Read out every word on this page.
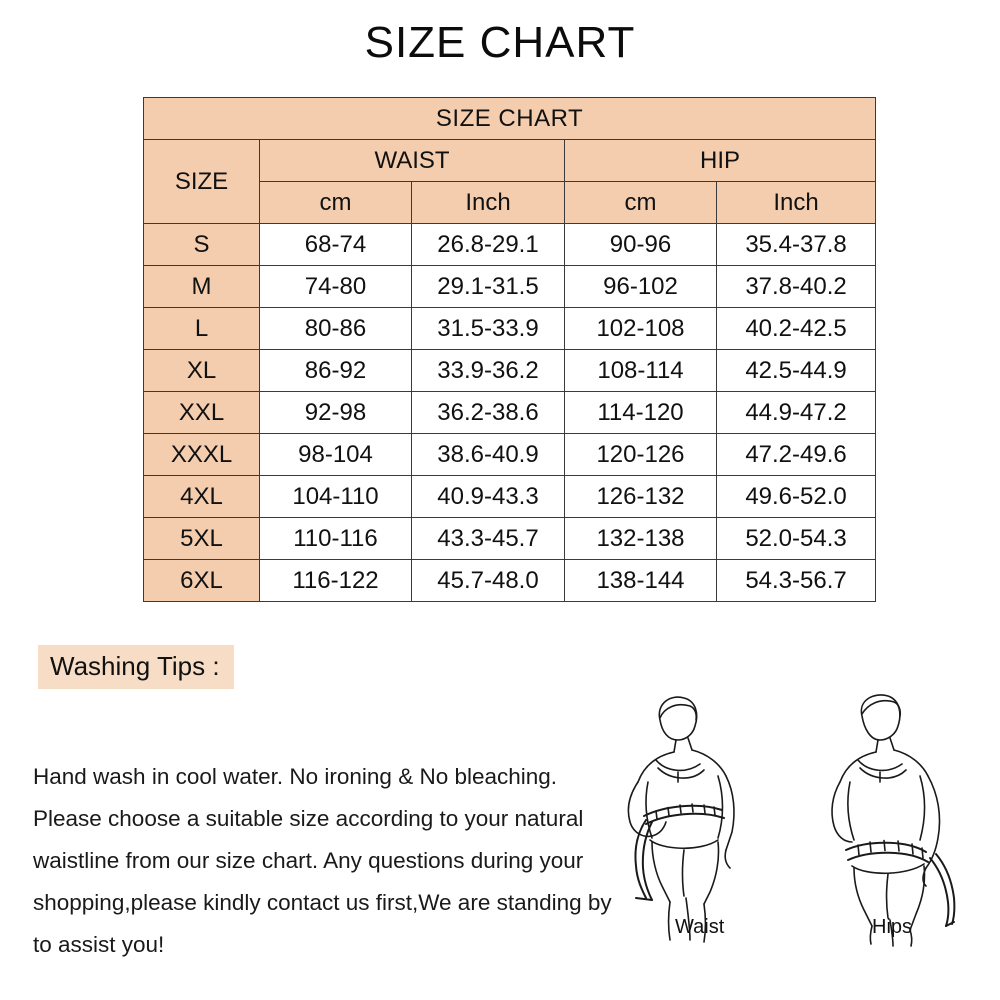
SIZE CHART
SIZE CHART				
SIZE	WAIST		HIP	
	cm	Inch	cm	Inch
S	68-74	26.8-29.1	90-96	35.4-37.8
M	74-80	29.1-31.5	96-102	37.8-40.2
L	80-86	31.5-33.9	102-108	40.2-42.5
XL	86-92	33.9-36.2	108-114	42.5-44.9
XXL	92-98	36.2-38.6	114-120	44.9-47.2
XXXL	98-104	38.6-40.9	120-126	47.2-49.6
4XL	104-110	40.9-43.3	126-132	49.6-52.0
5XL	110-116	43.3-45.7	132-138	52.0-54.3
6XL	116-122	45.7-48.0	138-144	54.3-56.7
Washing Tips :
Hand wash in cool water. No ironing & No bleaching. Please choose a suitable size according to your natural waistline from our size chart. Any questions during your shopping,please kindly contact us first,We are standing by to assist you!
Waist	Hips
